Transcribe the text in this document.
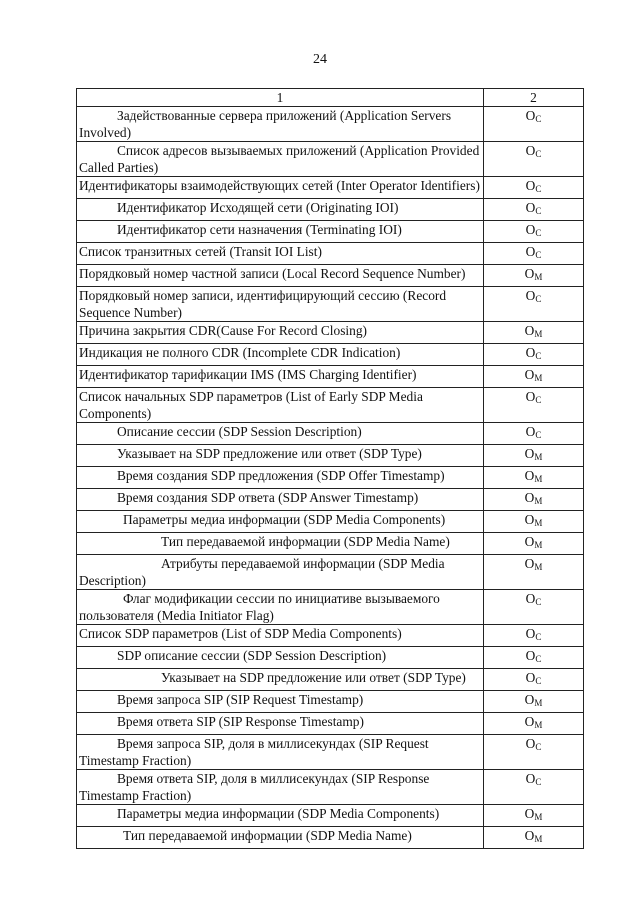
24
1	2
Задействованные сервера приложений (Application Servers Involved)	$O_C$
Список адресов вызываемых приложений (Application Provided Called Parties)	$O_C$
Идентификаторы взаимодействующих сетей (Inter Operator Identifiers)	$O_C$
Идентификатор Исходящей сети (Originating IOI)	$O_C$
Идентификатор сети назначения (Terminating IOI)	$O_C$
Список транзитных сетей (Transit IOI List)	$O_C$
Порядковый номер частной записи (Local Record Sequence Number)	$O_M$
Порядковый номер записи, идентифицирующий сессию (Record Sequence Number)	$O_C$
Причина закрытия CDR(Cause For Record Closing)	$O_M$
Индикация не полного CDR (Incomplete CDR Indication)	$O_C$
Идентификатор тарификации IMS (IMS Charging Identifier)	$O_M$
Список начальных SDP параметров (List of Early SDP Media Components)	$O_C$
Описание сессии (SDP Session Description)	$O_C$
Указывает на SDP предложение или ответ (SDP Type)	$O_M$
Время создания SDP предложения (SDP Offer Timestamp)	$O_M$
Время создания SDP ответа (SDP Answer Timestamp)	$O_M$
Параметры медиа информации (SDP Media Components)	$O_M$
Тип передаваемой информации (SDP Media Name)	$O_M$
Атрибуты передаваемой информации (SDP Media Description)	$O_M$
Флаг модификации сессии по инициативе вызываемого пользователя (Media Initiator Flag)	$O_C$
Список SDP параметров (List of SDP Media Components)	$O_C$
SDP описание сессии (SDP Session Description)	$O_C$
Указывает на SDP предложение или ответ (SDP Type)	$O_C$
Время запроса SIP (SIP Request Timestamp)	$O_M$
Время ответа SIP (SIP Response Timestamp)	$O_M$
Время запроса SIP, доля в миллисекундах (SIP Request Timestamp Fraction)	$O_C$
Время ответа SIP, доля в миллисекундах (SIP Response Timestamp Fraction)	$O_C$
Параметры медиа информации (SDP Media Components)	$O_M$
Тип передаваемой информации (SDP Media Name)	$O_M$
